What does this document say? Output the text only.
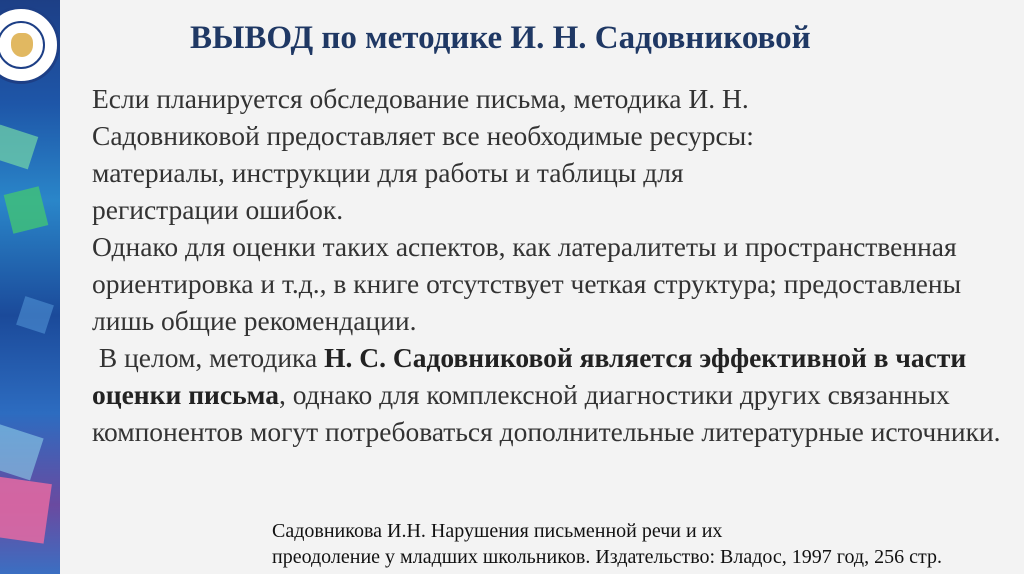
ВЫВОД по методике И. Н. Садовниковой

Если планируется обследование письма, методика И. Н. Садовниковой предоставляет все необходимые ресурсы: материалы, инструкции для работы и таблицы для регистрации ошибок.

Однако для оценки таких аспектов, как латералитеты и пространственная ориентировка и т.д., в книге отсутствует четкая структура; предоставлены лишь общие рекомендации.

В целом, методика Н. С. Садовниковой является эффективной в части оценки письма, однако для комплексной диагностики других связанных компонентов могут потребоваться дополнительные литературные источники.

Садовникова И.Н. Нарушения письменной речи и их
преодоление у младших школьников. Издательство: Владос, 1997 год, 256 стр.
